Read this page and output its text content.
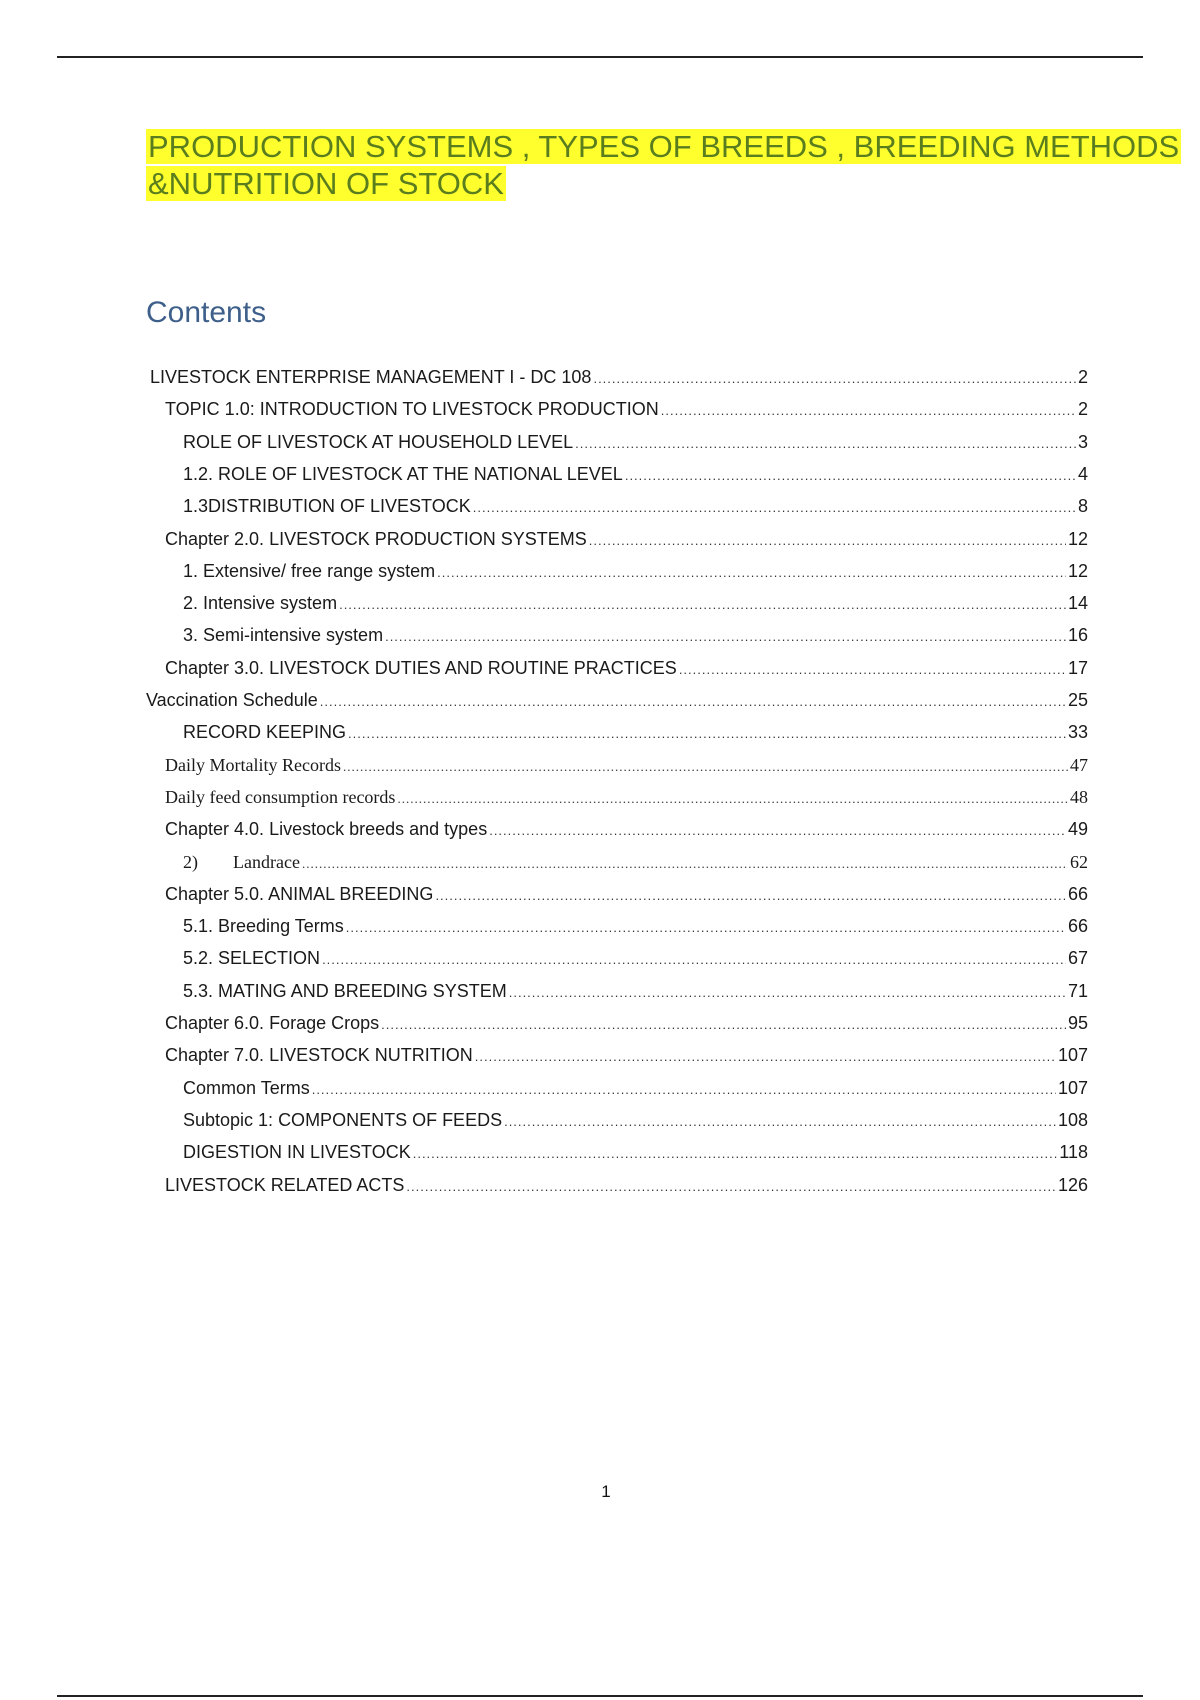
PRODUCTION SYSTEMS , TYPES OF BREEDS , BREEDING METHODS
&NUTRITION OF STOCK
Contents
LIVESTOCK ENTERPRISE MANAGEMENT I - DC 108 .....	2
TOPIC 1.0: INTRODUCTION TO LIVESTOCK PRODUCTION .....	2
ROLE OF LIVESTOCK AT HOUSEHOLD LEVEL .....	3
1.2. ROLE OF LIVESTOCK AT THE NATIONAL LEVEL .....	4
1.3DISTRIBUTION OF LIVESTOCK .....	8
Chapter 2.0. LIVESTOCK PRODUCTION SYSTEMS .....	12
1. Extensive/ free range system .....	12
2. Intensive system .....	14
3. Semi-intensive system .....	16
Chapter 3.0. LIVESTOCK DUTIES AND ROUTINE PRACTICES .....	17
Vaccination Schedule .....	25
RECORD KEEPING .....	33
Daily Mortality Records .....	47
Daily feed consumption records .....	48
Chapter 4.0. Livestock breeds and types .....	49
2) Landrace .....	62
Chapter 5.0. ANIMAL BREEDING .....	66
5.1. Breeding Terms .....	66
5.2. SELECTION .....	67
5.3. MATING AND BREEDING SYSTEM .....	71
Chapter 6.0. Forage Crops .....	95
Chapter 7.0. LIVESTOCK NUTRITION .....	107
Common Terms .....	107
Subtopic 1: COMPONENTS OF FEEDS .....	108
DIGESTION IN LIVESTOCK .....	118
LIVESTOCK RELATED ACTS .....	126
1
